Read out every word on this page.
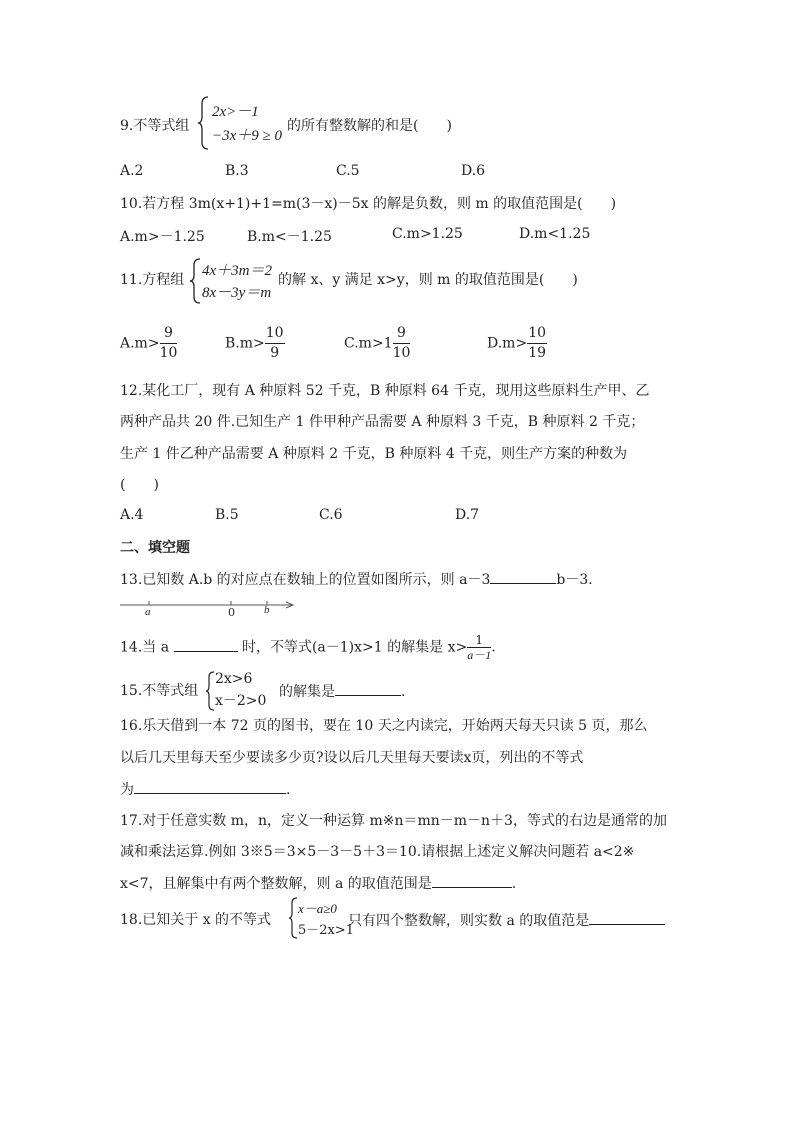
9.不等式组
2x>－1
−3x＋9 ≥ 0
的所有整数解的和是(　　)
A.2	B.3	C.5	D.6
10.若方程 3m(x+1)+1=m(3－x)－5x 的解是负数，则 m 的取值范围是(　　)
A.m>－1.25	B.m<－1.25	C.m>1.25	D.m<1.25
11.方程组
4x＋3m＝2
8x－3y＝m
的解 x、y 满足 x>y，则 m 的取值范围是(　　)
$A.m> \frac{9}{10}$	$B.m> \frac{10}{9}$	$C.m>1 \frac{9}{10}$	$D.m> \frac{10}{19}$
12.某化工厂，现有 A 种原料 52 千克，B 种原料 64 千克，现用这些原料生产甲、乙
两种产品共 20 件.已知生产 1 件甲种产品需要 A 种原料 3 千克，B 种原料 2 千克；
生产 1 件乙种产品需要 A 种原料 2 千克，B 种原料 4 千克，则生产方案的种数为
(　　)
A.4	B.5	C.6	D.7
二、填空题
13.已知数 A.b 的对应点在数轴上的位置如图所示，则 a－3	b－3.
a	0	b
14.当 a	时，不等式(a－1)x>1 的解集是 $x> \frac{1}{a-1}$ .
15.不等式组
2x>6
x－2>0
的解集是	.
16.乐天借到一本 72 页的图书，要在 10 天之内读完，开始两天每天只读 5 页，那么
以后几天里每天至少要读多少页?设以后几天里每天要读x页，列出的不等式
为	.
17.对于任意实数 m，n，定义一种运算 m※n＝mn－m－n＋3，等式的右边是通常的加
减和乘法运算.例如 3※5＝3×5－3－5＋3＝10.请根据上述定义解决问题若 a<2※
x<7，且解集中有两个整数解，则 a 的取值范围是	.
18.已知关于 x 的不等式
x－a≥0
5－2x>1
只有四个整数解，则实数 a 的取值范是
